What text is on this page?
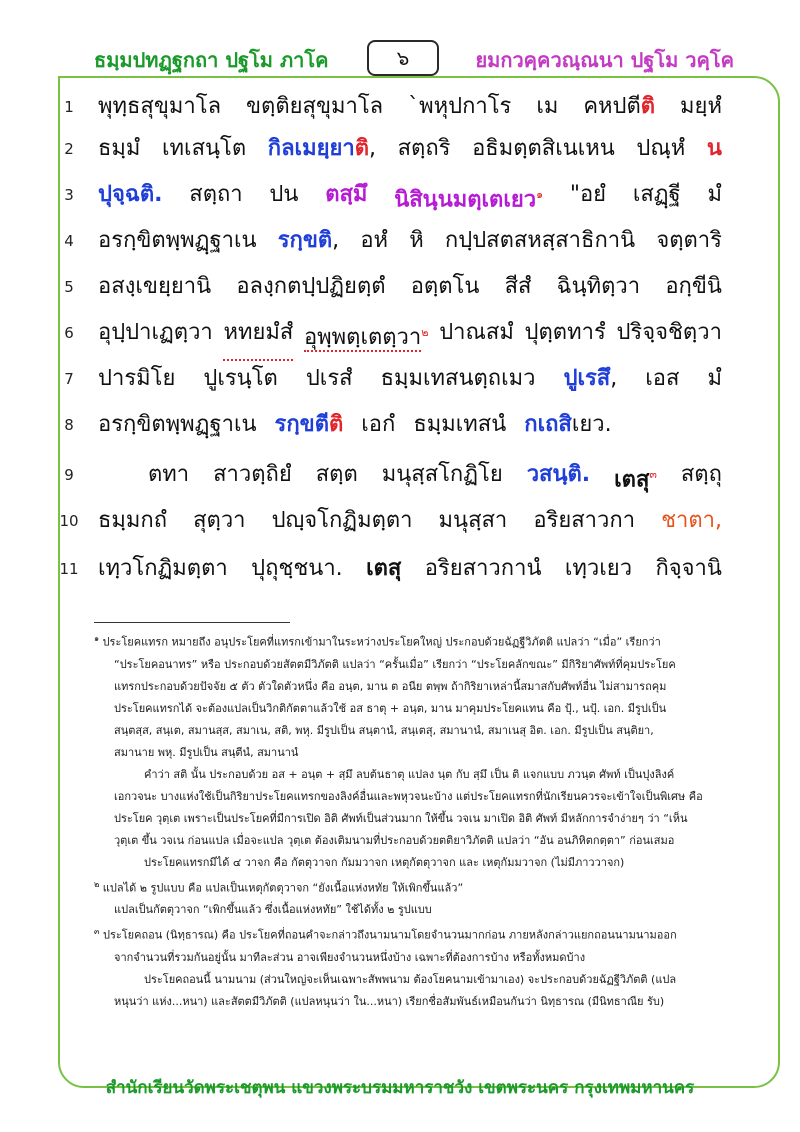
ธมฺมปทฏฺฐกถา ปฐโม ภาโค	๖	ยมกวคฺควณฺณนา ปฐโม วคฺโค
1	พุทฺธสุขุมาโล ขตฺติยสุขุมาโล `พหุปกาโร เม คหปตีติ มยฺหํ
2	ธมฺมํ เทเสนฺโต กิลเมยฺยาติ, สตฺถริ อธิมตฺตสิเนเหน ปณฺหํ น
3	ปุจฺฉติ. สตฺถา ปน ตสฺมึ นิสินฺนมตฺเตเยว$^๑$ "อยํ เสฏฺฐี มํ
4	อรกฺขิตพฺพฏฺฐาเน รกฺขติ, อหํ หิ กปฺปสตสหสฺสาธิกานิ จตฺตาริ
5	อสงฺเขยฺยานิ อลงฺกตปฺปฏิยตฺตํ อตฺตโน สีสํ ฉินฺทิตฺวา อกฺขีนิ
6	อุปฺปาเฏตฺวา หทยมํสํ อุพฺพตฺเตตฺวา$^๒$ ปาณสมํ ปุตฺตทารํ ปริจฺจชิตฺวา
7	ปารมิโย ปูเรนฺโต ปเรสํ ธมฺมเทสนตฺถเมว ปูเรสึ, เอส มํ
8	อรกฺขิตพฺพฏฺฐาเน รกฺขตีติ เอกํ ธมฺมเทสนํ กเถสิเยว.
9	ตทา สาวตฺถิยํ สตฺต มนุสฺสโกฏิโย วสนฺติ. เตสุ$^๓$ สตฺถุ
10 ธมฺมกถํ สุตฺวา ปญฺจโกฏิมตฺตา มนุสฺสา อริยสาวกา ชาตา,
11 เทฺวโกฏิมตฺตา ปุถุชฺชนา. เตสุ อริยสาวกานํ เทฺวเยว กิจฺจานิ

$^๑$ ประโยคแทรก หมายถึง อนุประโยคที่แทรกเข้ามาในระหว่างประโยคใหญ่ ประกอบด้วยฉัฏฐีวิภัตติ แปลว่า “เมื่อ” เรียกว่า

“ประโยคอนาทร” หรือ ประกอบด้วยสัตตมีวิภัตติ แปลว่า “ครั้นเมื่อ” เรียกว่า “ประโยคลักขณะ” มีกิริยาศัพท์ที่คุมประโยค

แทรกประกอบด้วยปัจจัย ๕ ตัว ตัวใดตัวหนึ่ง คือ อนฺต, มาน ต อนีย ตพฺพ ถ้ากิริยาเหล่านี้สมาสกับศัพท์อื่น ไม่สามารถคุม

ประโยคแทรกได้ จะต้องแปลเป็นวิกติกัตตาแล้วใช้ อส ธาตุ + อนฺต, มาน มาคุมประโยคแทน คือ ปุ้., นปุ้. เอก. มีรูปเป็น

สนฺตสฺส, สนฺเต, สมานสฺส, สมาเน, สติ, พหุ. มีรูปเป็น สนฺตานํ, สนฺเตสุ, สมานานํ, สมาเนสุ อิต. เอก. มีรูปเป็น สนฺติยา,

สมานาย พหุ. มีรูปเป็น สนฺตีนํ, สมานานํ

คำว่า สติ นั้น ประกอบด้วย อส + อนฺต + สฺมึ ลบต้นธาตุ แปลง นฺต กับ สฺมึ เป็น ติ แจกแบบ ภวนฺต ศัพท์ เป็นปุงลิงค์

เอกวจนะ บางแห่งใช้เป็นกิริยาประโยคแทรกของลิงค์อื่นและพหุวจนะบ้าง แต่ประโยคแทรกที่นักเรียนควรจะเข้าใจเป็นพิเศษ คือ

ประโยค วุตฺเต เพราะเป็นประโยคที่มีการเปิด อิติ ศัพท์เป็นส่วนมาก ให้ขึ้น วจเน มาเปิด อิติ ศัพท์ มีหลักการจำง่ายๆ ว่า “เห็น

วุตฺเต ขึ้น วจเน ก่อนแปล เมื่อจะแปล วุตฺเต ต้องเติมนามที่ประกอบด้วยตติยาวิภัตติ แปลว่า “อัน อนภิหิตกตฺตา” ก่อนเสมอ

ประโยคแทรกมีได้ ๔ วาจก คือ กัตตุวาจก กัมมวาจก เหตุกัตตุวาจก และ เหตุกัมมวาจก (ไม่มีภาววาจก)

$^๒$ แปลได้ ๒ รูปแบบ คือ แปลเป็นเหตุกัตตุวาจก “ยังเนื้อแห่งหทัย ให้เพิกขึ้นแล้ว”

แปลเป็นกัตตุวาจก “เพิกขึ้นแล้ว ซึ่งเนื้อแห่งหทัย” ใช้ได้ทั้ง ๒ รูปแบบ

$^๓$ ประโยคถอน (นิทฺธารณ) คือ ประโยคที่ถอนคำจะกล่าวถึงนามนามโดยจำนวนมากก่อน ภายหลังกล่าวแยกถอนนามนามออก

จากจำนวนที่รวมกันอยู่นั้น มาทีละส่วน อาจเพียงจำนวนหนึ่งบ้าง เฉพาะที่ต้องการบ้าง หรือทั้งหมดบ้าง

ประโยคถอนนี้ นามนาม (ส่วนใหญ่จะเห็นเฉพาะสัพพนาม ต้องโยคนามเข้ามาเอง) จะประกอบด้วยฉัฏฐีวิภัตติ (แปล

หนุนว่า แห่ง...หนา) และสัตตมีวิภัตติ (แปลหนุนว่า ใน...หนา) เรียกชื่อสัมพันธ์เหมือนกันว่า นิทฺธารณ (มีนิทธาณีย รับ)

สำนักเรียนวัดพระเชตุพน แขวงพระบรมมหาราชวัง เขตพระนคร กรุงเทพมหานคร
